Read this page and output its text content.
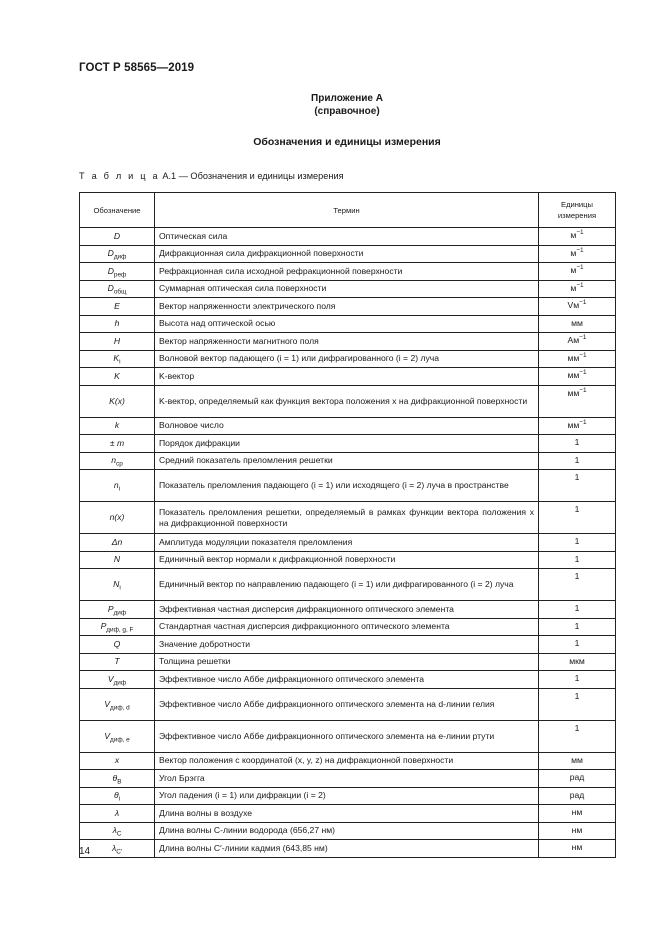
ГОСТ Р 58565—2019
Приложение А
(справочное)
Обозначения и единицы измерения
Т а б л и ц а А.1 — Обозначения и единицы измерения
Обозначение	Термин	Единицы измерения
D	Оптическая сила	$м^{-1}$
$D_{диф}$	Дифракционная сила дифракционной поверхности	$м^{-1}$
$D_{реф}$	Рефракционная сила исходной рефракционной поверхности	$м^{-1}$
$D_{общ}$	Суммарная оптическая сила поверхности	$м^{-1}$
E	Вектор напряженности электрического поля	$Vм^{-1}$
h	Высота над оптической осью	мм
H	Вектор напряженности магнитного поля	$Ам^{-1}$
$K_i$	Волновой вектор падающего (i = 1) или дифрагированного (i = 2) луча	$мм^{-1}$
K	K-вектор	$мм^{-1}$
K(x)	K-вектор, определяемый как функция вектора положения x на дифракционной поверхности	$мм^{-1}$
k	Волновое число	$мм^{-1}$
± m	Порядок дифракции	1
$n_{ср}$	Средний показатель преломления решетки	1
$n_i$	Показатель преломления падающего (i = 1) или исходящего (i = 2) луча в пространстве	1
n(x)	Показатель преломления решетки, определяемый в рамках функции вектора положения x на дифракционной поверхности	1
Δn	Амплитуда модуляции показателя преломления	1
N	Единичный вектор нормали к дифракционной поверхности	1
$N_i$	Единичный вектор по направлению падающего (i = 1) или дифрагированного (i = 2) луча	1
$P_{диф}$	Эффективная частная дисперсия дифракционного оптического элемента	1
$P_{диф, g, F}$	Стандартная частная дисперсия дифракционного оптического элемента	1
Q	Значение добротности	1
T	Толщина решетки	мкм
$V_{диф}$	Эффективное число Аббе дифракционного оптического элемента	1
$V_{диф, d}$	Эффективное число Аббе дифракционного оптического элемента на d-линии гелия	1
$V_{диф, e}$	Эффективное число Аббе дифракционного оптического элемента на e-линии ртути	1
x	Вектор положения с координатой (x, y, z) на дифракционной поверхности	мм
$\theta_B$	Угол Брэгга	рад
$\theta_i$	Угол падения (i = 1) или дифракции (i = 2)	рад
λ	Длина волны в воздухе	нм
$\lambda_C$	Длина волны C-линии водорода (656,27 нм)	нм
$\lambda_{C'}$	Длина волны C′-линии кадмия (643,85 нм)	нм
14
